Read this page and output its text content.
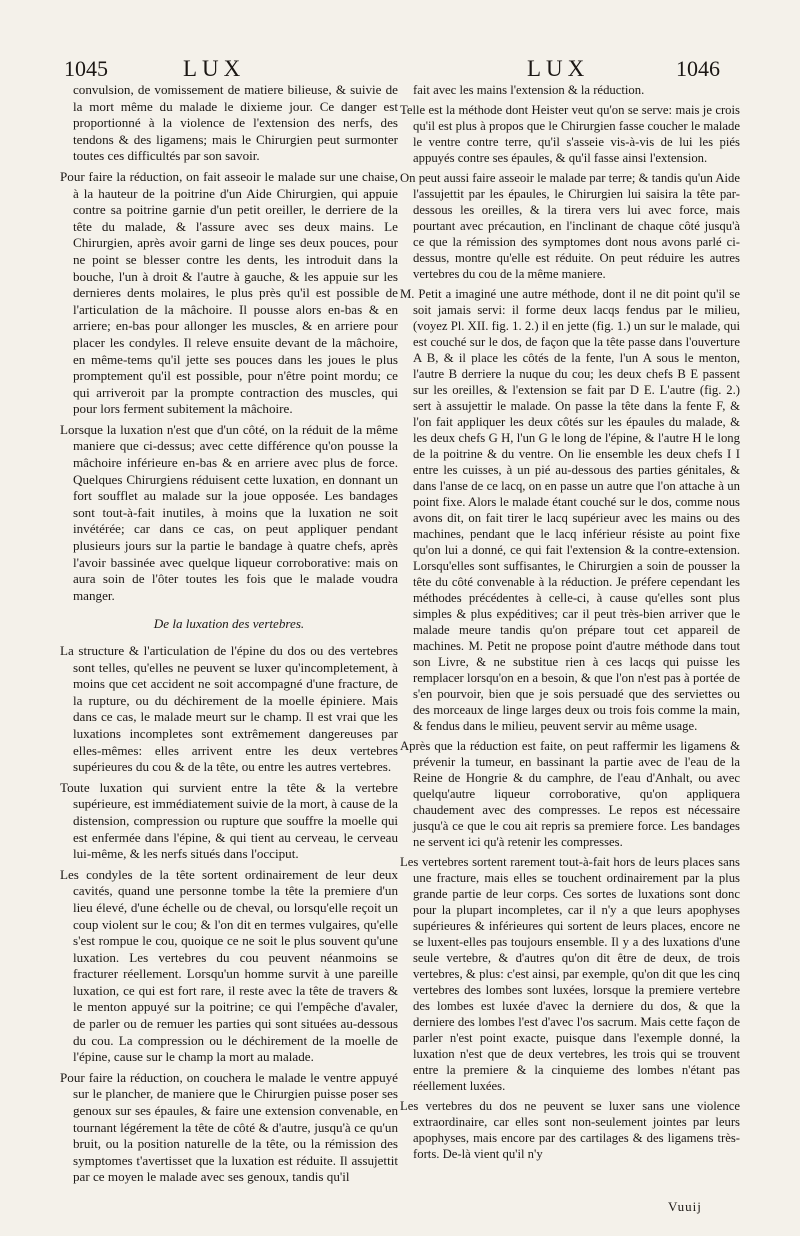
1045	LUX	LUX	1046

convulsion, de vomissement de matiere bilieuse, & suivie de la mort même du malade le dixieme jour. Ce danger est proportionné à la violence de l'extension des nerfs, des tendons & des ligamens; mais le Chirurgien peut surmonter toutes ces difficultés par son savoir.

Pour faire la réduction, on fait asseoir le malade sur une chaise, à la hauteur de la poitrine d'un Aide Chirurgien, qui appuie contre sa poitrine garnie d'un petit oreiller, le derriere de la tête du malade, & l'assure avec ses deux mains. Le Chirurgien, après avoir garni de linge ses deux pouces, pour ne point se blesser contre les dents, les introduit dans la bouche, l'un à droit & l'autre à gauche, & les appuie sur les dernieres dents molaires, le plus près qu'il est possible de l'articulation de la mâchoire. Il pousse alors en-bas & en arriere; en-bas pour allonger les muscles, & en arriere pour placer les condyles. Il releve ensuite devant de la mâchoire, en même-tems qu'il jette ses pouces dans les joues le plus promptement qu'il est possible, pour n'être point mordu; ce qui arriveroit par la prompte contraction des muscles, qui pour lors ferment subitement la mâchoire.

Lorsque la luxation n'est que d'un côté, on la réduit de la même maniere que ci-dessus; avec cette différence qu'on pousse la mâchoire inférieure en-bas & en arriere avec plus de force. Quelques Chirurgiens réduisent cette luxation, en donnant un fort soufflet au malade sur la joue opposée. Les bandages sont tout-à-fait inutiles, à moins que la luxation ne soit invétérée; car dans ce cas, on peut appliquer pendant plusieurs jours sur la partie le bandage à quatre chefs, après l'avoir bassinée avec quelque liqueur corroborative: mais on aura soin de l'ôter toutes les fois que le malade voudra manger.

De la luxation des vertebres.

La structure & l'articulation de l'épine du dos ou des vertebres sont telles, qu'elles ne peuvent se luxer qu'incompletement, à moins que cet accident ne soit accompagné d'une fracture, de la rupture, ou du déchirement de la moelle épiniere. Mais dans ce cas, le malade meurt sur le champ. Il est vrai que les luxations incompletes sont extrêmement dangereuses par elles-mêmes: elles arrivent entre les deux vertebres supérieures du cou & de la tête, ou entre les autres vertebres.

Toute luxation qui survient entre la tête & la vertebre supérieure, est immédiatement suivie de la mort, à cause de la distension, compression ou rupture que souffre la moelle qui est enfermée dans l'épine, & qui tient au cerveau, le cerveau lui-même, & les nerfs situés dans l'occiput.

Les condyles de la tête sortent ordinairement de leur deux cavités, quand une personne tombe la tête la premiere d'un lieu élevé, d'une échelle ou de cheval, ou lorsqu'elle reçoit un coup violent sur le cou; & l'on dit en termes vulgaires, qu'elle s'est rompue le cou, quoique ce ne soit le plus souvent qu'une luxation. Les vertebres du cou peuvent néanmoins se fracturer réellement. Lorsqu'un homme survit à une pareille luxation, ce qui est fort rare, il reste avec la tête de travers & le menton appuyé sur la poitrine; ce qui l'empêche d'avaler, de parler ou de remuer les parties qui sont situées au-dessous du cou. La compression ou le déchirement de la moelle de l'épine, cause sur le champ la mort au malade.

Pour faire la réduction, on couchera le malade le ventre appuyé sur le plancher, de maniere que le Chirurgien puisse poser ses genoux sur ses épaules, & faire une extension convenable, en tournant légérement la tête de côté & d'autre, jusqu'à ce qu'un bruit, ou la position naturelle de la tête, ou la rémission des symptomes t'avertisset que la luxation est réduite. Il assujettit par ce moyen le malade avec ses genoux, tandis qu'il

fait avec les mains l'extension & la réduction.

Telle est la méthode dont Heister veut qu'on se serve: mais je crois qu'il est plus à propos que le Chirurgien fasse coucher le malade le ventre contre terre, qu'il s'asseie vis-à-vis de lui les piés appuyés contre ses épaules, & qu'il fasse ainsi l'extension.

On peut aussi faire asseoir le malade par terre; & tandis qu'un Aide l'assujettit par les épaules, le Chirurgien lui saisira la tête par-dessous les oreilles, & la tirera vers lui avec force, mais pourtant avec précaution, en l'inclinant de chaque côté jusqu'à ce que la rémission des symptomes dont nous avons parlé ci-dessus, montre qu'elle est réduite. On peut réduire les autres vertebres du cou de la même maniere.

M. Petit a imaginé une autre méthode, dont il ne dit point qu'il se soit jamais servi: il forme deux lacqs fendus par le milieu, (voyez Pl. XII. fig. 1. 2.) il en jette (fig. 1.) un sur le malade, qui est couché sur le dos, de façon que la tête passe dans l'ouverture A B, & il place les côtés de la fente, l'un A sous le menton, l'autre B derriere la nuque du cou; les deux chefs B E passent sur les oreilles, & l'extension se fait par D E. L'autre (fig. 2.) sert à assujettir le malade. On passe la tête dans la fente F, & l'on fait appliquer les deux côtés sur les épaules du malade, & les deux chefs G H, l'un G le long de l'épine, & l'autre H le long de la poitrine & du ventre. On lie ensemble les deux chefs I I entre les cuisses, à un pié au-dessous des parties génitales, & dans l'anse de ce lacq, on en passe un autre que l'on attache à un point fixe. Alors le malade étant couché sur le dos, comme nous avons dit, on fait tirer le lacq supérieur avec les mains ou des machines, pendant que le lacq inférieur résiste au point fixe qu'on lui a donné, ce qui fait l'extension & la contre-extension. Lorsqu'elles sont suffisantes, le Chirurgien a soin de pousser la tête du côté convenable à la réduction. Je préfere cependant les méthodes précédentes à celle-ci, à cause qu'elles sont plus simples & plus expéditives; car il peut très-bien arriver que le malade meure tandis qu'on prépare tout cet appareil de machines. M. Petit ne propose point d'autre méthode dans tout son Livre, & ne substitue rien à ces lacqs qui puisse les remplacer lorsqu'on en a besoin, & que l'on n'est pas à portée de s'en pourvoir, bien que je sois persuadé que des serviettes ou des morceaux de linge larges deux ou trois fois comme la main, & fendus dans le milieu, peuvent servir au même usage.

Après que la réduction est faite, on peut raffermir les ligamens & prévenir la tumeur, en bassinant la partie avec de l'eau de la Reine de Hongrie & du camphre, de l'eau d'Anhalt, ou avec quelqu'autre liqueur corroborative, qu'on appliquera chaudement avec des compresses. Le repos est nécessaire jusqu'à ce que le cou ait repris sa premiere force. Les bandages ne servent ici qu'à retenir les compresses.

Les vertebres sortent rarement tout-à-fait hors de leurs places sans une fracture, mais elles se touchent ordinairement par la plus grande partie de leur corps. Ces sortes de luxations sont donc pour la plupart incompletes, car il n'y a que leurs apophyses supérieures & inférieures qui sortent de leurs places, encore ne se luxent-elles pas toujours ensemble. Il y a des luxations d'une seule vertebre, & d'autres qu'on dit être de deux, de trois vertebres, & plus: c'est ainsi, par exemple, qu'on dit que les cinq vertebres des lombes sont luxées, lorsque la premiere vertebre des lombes est luxée d'avec la derniere du dos, & que la derniere des lombes l'est d'avec l'os sacrum. Mais cette façon de parler n'est point exacte, puisque dans l'exemple donné, la luxation n'est que de deux vertebres, les trois qui se trouvent entre la premiere & la cinquieme des lombes n'étant pas réellement luxées.

Les vertebres du dos ne peuvent se luxer sans une violence extraordinaire, car elles sont non-seulement jointes par leurs apophyses, mais encore par des cartilages & des ligamens très-forts. De-là vient qu'il n'y

Vuuij
